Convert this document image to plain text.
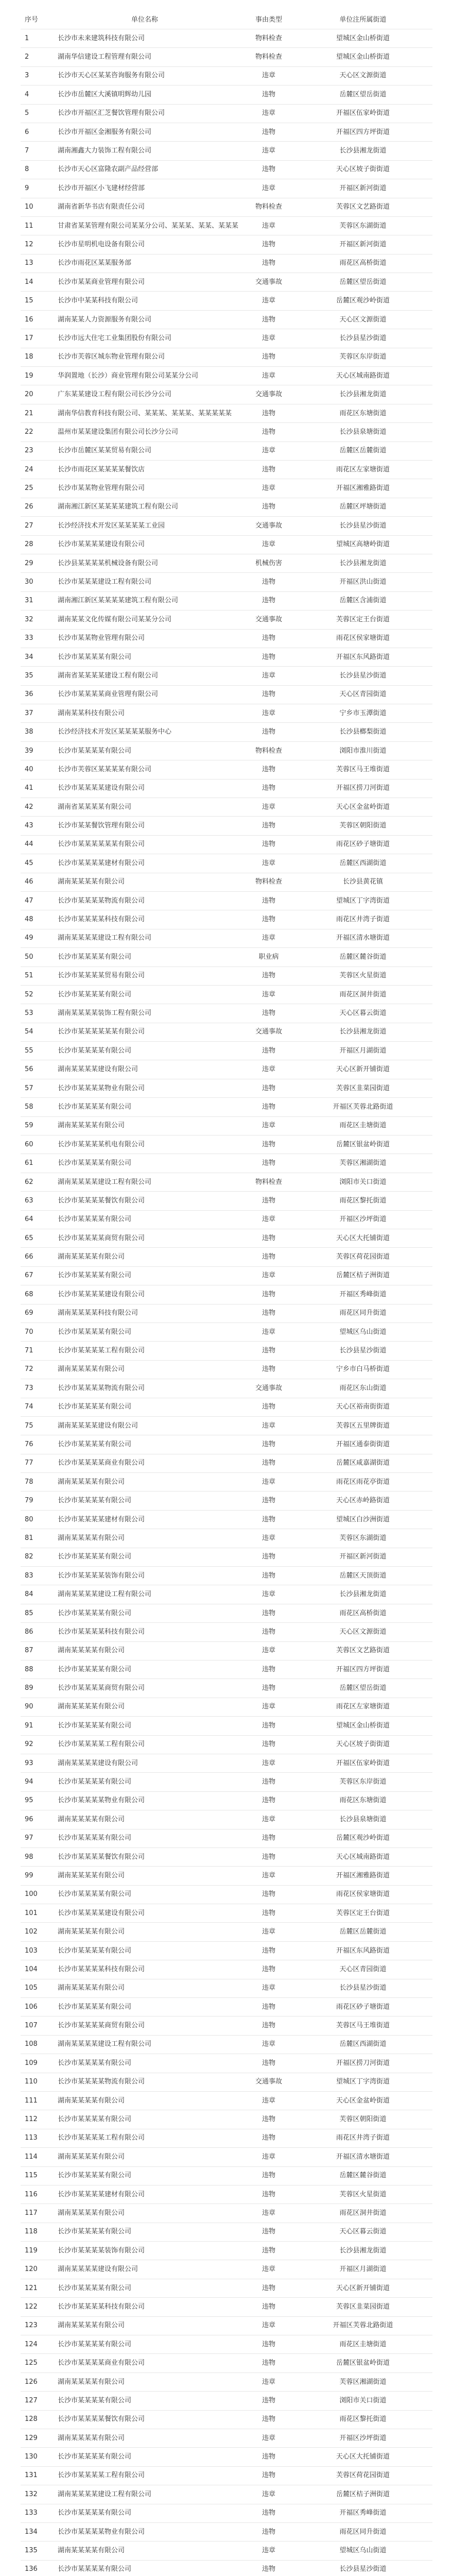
序号	单位名称	事由类型	单位注所属街道
1	长沙市未来建筑科技有限公司	物料检查	望城区金山桥街道
2	湖南华信建设工程管理有限公司	物料检查	望城区金山桥街道
3	长沙市天心区某某咨询服务有限公司	违章	天心区文源街道
4	长沙市岳麓区大溪镇明辉幼儿园	违物	岳麓区望岳街道
5	长沙市开福区汇芝餐饮管理有限公司	违章	开福区伍家岭街道
6	长沙市开福区金湘服务有限公司	违物	开福区四方坪街道
7	湖南湘鑫大力装饰工程有限公司	违章	长沙县湘龙街道
8	长沙市天心区富隆农副产品经营部	违物	天心区坡子街街道
9	长沙市开福区小飞建材经营部	违章	开福区新河街道
10	湖南省新华书店有限责任公司	物料检查	芙蓉区文艺路街道
11	甘肃省某某管理有限公司某某分公司、某某某、某某、某某某	违章	芙蓉区东湖街道
12	长沙市星明机电设备有限公司	违物	开福区新河街道
13	长沙市雨花区某某服务部	违物	雨花区高桥街道
14	长沙市某某商业管理有限公司	交通事故	岳麓区望岳街道
15	长沙市中某某科技有限公司	违章	岳麓区观沙岭街道
16	湖南某某人力资源服务有限公司	违物	天心区文源街道
17	长沙市远大住宅工业集团股份有限公司	违章	长沙县星沙街道
18	长沙市芙蓉区城东物业管理有限公司	违物	芙蓉区东岸街道
19	华润置地（长沙）商业管理有限公司某某分公司	违章	天心区城南路街道
20	广东某某建设工程有限公司长沙分公司	交通事故	长沙县湘龙街道
21	湖南华信教育科技有限公司、某某某、某某某、某某某某某	违物	雨花区东塘街道
22	温州市某某建设集团有限公司长沙分公司	违物	长沙县泉塘街道
23	长沙市岳麓区某某贸易有限公司	违章	岳麓区岳麓街道
24	长沙市雨花区某某某某餐饮店	违物	雨花区左家塘街道
25	长沙市某某物业管理有限公司	违章	开福区湘雅路街道
26	湖南湘江新区某某某某建筑工程有限公司	违物	岳麓区坪塘街道
27	长沙经济技术开发区某某某某工业园	交通事故	长沙县星沙街道
28	长沙市某某某某建设有限公司	违章	望城区高塘岭街道
29	长沙县某某某某机械设备有限公司	机械伤害	长沙县湘龙街道
30	长沙市某某某建设工程有限公司	违物	开福区洪山街道
31	湖南湘江新区某某某某建筑工程有限公司	违物	岳麓区含浦街道
32	湖南某某文化传媒有限公司某某分公司	交通事故	芙蓉区定王台街道
33	长沙市某某物业管理有限公司	违物	雨花区侯家塘街道
34	长沙市某某某某有限公司	违物	开福区东风路街道
35	湖南省某某某某建设工程有限公司	违章	长沙县星沙街道
36	长沙市某某某某商业管理有限公司	违物	天心区青园街道
37	湖南某某科技有限公司	违章	宁乡市玉潭街道
38	长沙经济技术开发区某某某某服务中心	违物	长沙县榔梨街道
39	长沙市某某某某有限公司	物料检查	浏阳市淮川街道
40	长沙市芙蓉区某某某某有限公司	违物	芙蓉区马王堆街道
41	长沙市某某某某建设有限公司	违物	开福区捞刀河街道
42	湖南省某某某某有限公司	违章	天心区金盆岭街道
43	长沙市某某餐饮管理有限公司	违物	芙蓉区朝阳街道
44	长沙市某某某某某某有限公司	违物	雨花区砂子塘街道
45	长沙市某某某某建材有限公司	违章	岳麓区西湖街道
46	湖南某某某某有限公司	物料检查	长沙县黄花镇
47	长沙市某某某某物流有限公司	违物	望城区丁字湾街道
48	长沙市某某某某科技有限公司	违物	雨花区井湾子街道
49	湖南某某某某建设工程有限公司	违章	开福区清水塘街道
50	长沙市某某某某有限公司	职业病	岳麓区麓谷街道
51	长沙市某某某某贸易有限公司	违物	芙蓉区火星街道
52	长沙市某某某某有限公司	违章	雨花区洞井街道
53	湖南某某某某装饰工程有限公司	违物	天心区暮云街道
54	长沙市某某某某某某有限公司	交通事故	长沙县湘龙街道
55	长沙市某某某某有限公司	违物	开福区月湖街道
56	湖南某某某某建设有限公司	违章	天心区新开铺街道
57	长沙市某某某某物业有限公司	违物	芙蓉区韭菜园街道
58	长沙市某某某某有限公司	违物	开福区芙蓉北路街道
59	湖南某某某某有限公司	违章	雨花区圭塘街道
60	长沙市某某某某机电有限公司	违物	岳麓区银盆岭街道
61	长沙市某某某某有限公司	违物	芙蓉区湘湖街道
62	湖南某某某某建设工程有限公司	物料检查	浏阳市关口街道
63	长沙市某某某某餐饮有限公司	违物	雨花区黎托街道
64	长沙市某某某某有限公司	违章	开福区沙坪街道
65	长沙市某某某某商贸有限公司	违物	天心区大托铺街道
66	湖南某某某某有限公司	违物	芙蓉区荷花园街道
67	长沙市某某某某有限公司	违章	岳麓区桔子洲街道
68	长沙市某某某某建设有限公司	违物	开福区秀峰街道
69	湖南某某某某科技有限公司	违物	雨花区同升街道
70	长沙市某某某某有限公司	违章	望城区乌山街道
71	长沙市某某某某工程有限公司	违物	长沙县星沙街道
72	湖南某某某某有限公司	违物	宁乡市白马桥街道
73	长沙市某某某某物流有限公司	交通事故	雨花区东山街道
74	长沙市某某某某有限公司	违物	天心区裕南街街道
75	湖南某某某某建设有限公司	违章	芙蓉区五里牌街道
76	长沙市某某某某有限公司	违物	开福区通泰街街道
77	长沙市某某某某商业有限公司	违物	岳麓区咸嘉湖街道
78	湖南某某某某有限公司	违章	雨花区雨花亭街道
79	长沙市某某某某有限公司	违物	天心区赤岭路街道
80	长沙市某某某某建材有限公司	违物	望城区白沙洲街道
81	湖南某某某某有限公司	违章	芙蓉区东湖街道
82	长沙市某某某某有限公司	违物	开福区新河街道
83	长沙市某某某某装饰有限公司	违物	岳麓区天顶街道
84	湖南某某某某建设工程有限公司	违章	长沙县湘龙街道
85	长沙市某某某某有限公司	违物	雨花区高桥街道
86	长沙市某某某某科技有限公司	违物	天心区文源街道
87	湖南某某某某有限公司	违章	芙蓉区文艺路街道
88	长沙市某某某某有限公司	违物	开福区四方坪街道
89	长沙市某某某某商贸有限公司	违物	岳麓区望岳街道
90	湖南某某某某有限公司	违章	雨花区左家塘街道
91	长沙市某某某某有限公司	违物	望城区金山桥街道
92	长沙市某某某某工程有限公司	违物	天心区坡子街街道
93	湖南某某某某建设有限公司	违章	开福区伍家岭街道
94	长沙市某某某某有限公司	违物	芙蓉区东岸街道
95	长沙市某某某某物业有限公司	违物	雨花区东塘街道
96	湖南某某某某有限公司	违章	长沙县泉塘街道
97	长沙市某某某某有限公司	违物	岳麓区观沙岭街道
98	长沙市某某某某餐饮有限公司	违物	天心区城南路街道
99	湖南某某某某有限公司	违章	开福区湘雅路街道
100	长沙市某某某某有限公司	违物	雨花区侯家塘街道
101	长沙市某某某某建设有限公司	违物	芙蓉区定王台街道
102	湖南某某某某有限公司	违章	岳麓区岳麓街道
103	长沙市某某某某有限公司	违物	开福区东风路街道
104	长沙市某某某某科技有限公司	违物	天心区青园街道
105	湖南某某某某有限公司	违章	长沙县星沙街道
106	长沙市某某某某有限公司	违物	雨花区砂子塘街道
107	长沙市某某某某商贸有限公司	违物	芙蓉区马王堆街道
108	湖南某某某某建设工程有限公司	违章	岳麓区西湖街道
109	长沙市某某某某有限公司	违物	开福区捞刀河街道
110	长沙市某某某某物流有限公司	交通事故	望城区丁字湾街道
111	湖南某某某某有限公司	违章	天心区金盆岭街道
112	长沙市某某某某有限公司	违物	芙蓉区朝阳街道
113	长沙市某某某某工程有限公司	违物	雨花区井湾子街道
114	湖南某某某某有限公司	违章	开福区清水塘街道
115	长沙市某某某某有限公司	违物	岳麓区麓谷街道
116	长沙市某某某某建材有限公司	违物	芙蓉区火星街道
117	湖南某某某某有限公司	违章	雨花区洞井街道
118	长沙市某某某某有限公司	违物	天心区暮云街道
119	长沙市某某某某装饰有限公司	违物	长沙县湘龙街道
120	湖南某某某某建设有限公司	违章	开福区月湖街道
121	长沙市某某某某有限公司	违物	天心区新开铺街道
122	长沙市某某某某科技有限公司	违物	芙蓉区韭菜园街道
123	湖南某某某某有限公司	违章	开福区芙蓉北路街道
124	长沙市某某某某有限公司	违物	雨花区圭塘街道
125	长沙市某某某某商业有限公司	违物	岳麓区银盆岭街道
126	湖南某某某某有限公司	违章	芙蓉区湘湖街道
127	长沙市某某某某有限公司	违物	浏阳市关口街道
128	长沙市某某某某餐饮有限公司	违物	雨花区黎托街道
129	湖南某某某某有限公司	违章	开福区沙坪街道
130	长沙市某某某某有限公司	违物	天心区大托铺街道
131	长沙市某某某某工程有限公司	违物	芙蓉区荷花园街道
132	湖南某某某某建设工程有限公司	违章	岳麓区桔子洲街道
133	长沙市某某某某有限公司	违物	开福区秀峰街道
134	长沙市某某某某物业有限公司	违物	雨花区同升街道
135	湖南某某某某有限公司	违章	望城区乌山街道
136	长沙市某某某某有限公司	违物	长沙县星沙街道
